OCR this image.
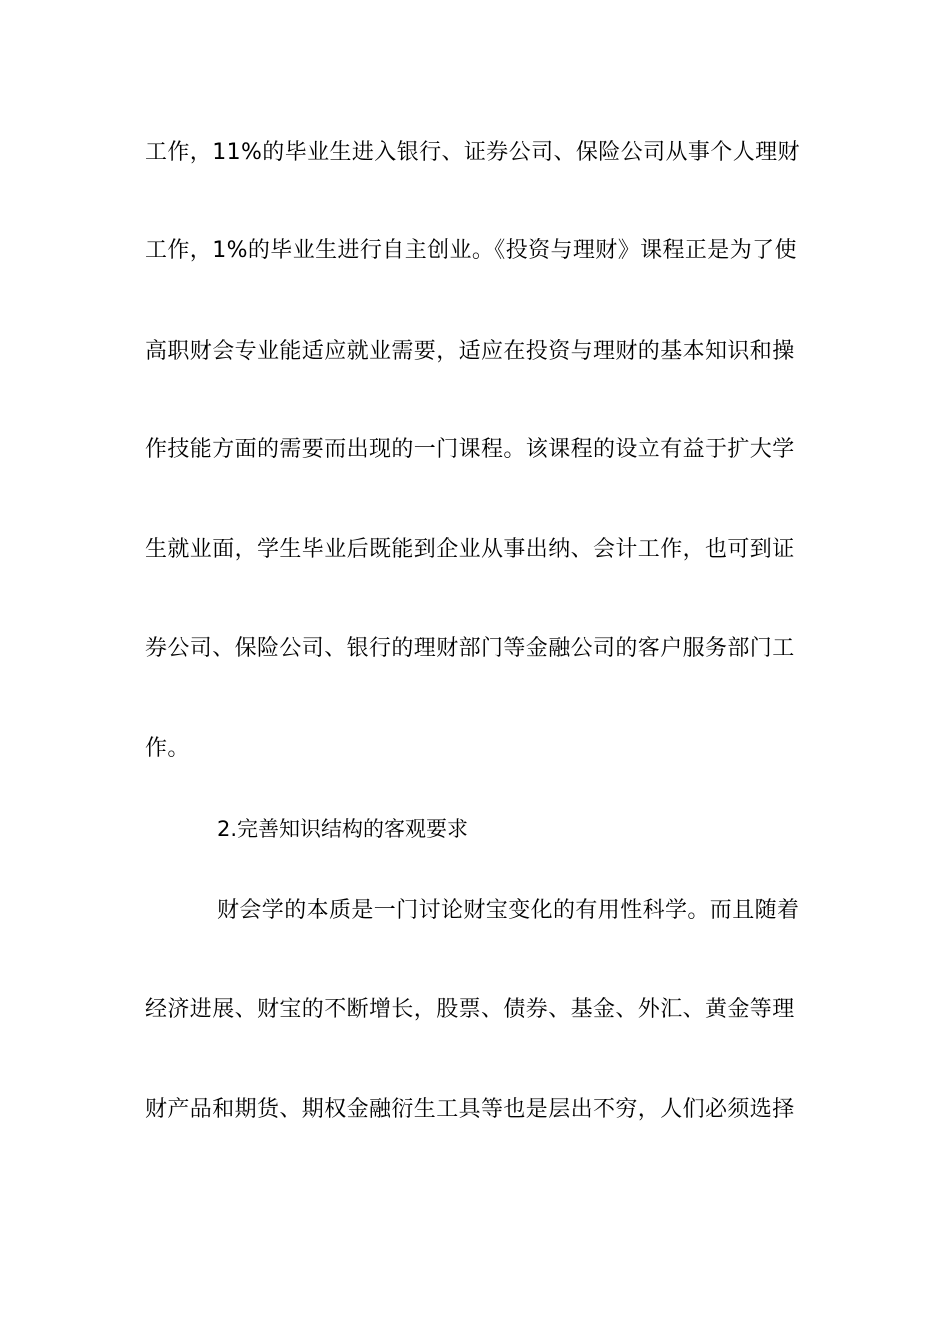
工作，11%的毕业生进入银行、证券公司、保险公司从事个人理财
工作，1%的毕业生进行自主创业。《投资与理财》课程正是为了使
高职财会专业能适应就业需要，适应在投资与理财的基本知识和操
作技能方面的需要而出现的一门课程。该课程的设立有益于扩大学
生就业面，学生毕业后既能到企业从事出纳、会计工作，也可到证
券公司、保险公司、银行的理财部门等金融公司的客户服务部门工
作。
2.完善知识结构的客观要求
财会学的本质是一门讨论财宝变化的有用性科学。而且随着
经济进展、财宝的不断增长，股票、债券、基金、外汇、黄金等理
财产品和期货、期权金融衍生工具等也是层出不穷，人们必须选择
